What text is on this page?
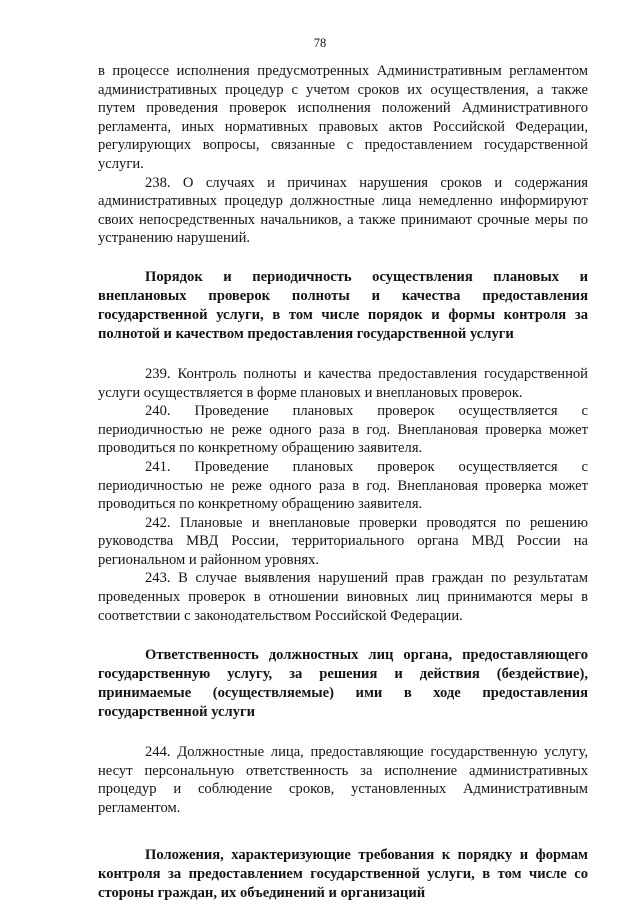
78

в процессе исполнения предусмотренных Административным регламентом административных процедур с учетом сроков их осуществления, а также путем проведения проверок исполнения положений Административного регламента, иных нормативных правовых актов Российской Федерации, регулирующих вопросы, связанные с предоставлением государственной услуги.

238. О случаях и причинах нарушения сроков и содержания административных процедур должностные лица немедленно информируют своих непосредственных начальников, а также принимают срочные меры по устранению нарушений.

Порядок и периодичность осуществления плановых и внеплановых проверок полноты и качества предоставления государственной услуги, в том числе порядок и формы контроля за полнотой и качеством предоставления государственной услуги

239. Контроль полноты и качества предоставления государственной услуги осуществляется в форме плановых и внеплановых проверок.

240. Проведение плановых проверок осуществляется с периодичностью не реже одного раза в год. Внеплановая проверка может проводиться по конкретному обращению заявителя.

241. Проведение плановых проверок осуществляется с периодичностью не реже одного раза в год. Внеплановая проверка может проводиться по конкретному обращению заявителя.

242. Плановые и внеплановые проверки проводятся по решению руководства МВД России, территориального органа МВД России на региональном и районном уровнях.

243. В случае выявления нарушений прав граждан по результатам проведенных проверок в отношении виновных лиц принимаются меры в соответствии с законодательством Российской Федерации.

Ответственность должностных лиц органа, предоставляющего государственную услугу, за решения и действия (бездействие), принимаемые (осуществляемые) ими в ходе предоставления государственной услуги

244. Должностные лица, предоставляющие государственную услугу, несут персональную ответственность за исполнение административных процедур и соблюдение сроков, установленных Административным регламентом.

Положения, характеризующие требования к порядку и формам контроля за предоставлением государственной услуги, в том числе со стороны граждан, их объединений и организаций
